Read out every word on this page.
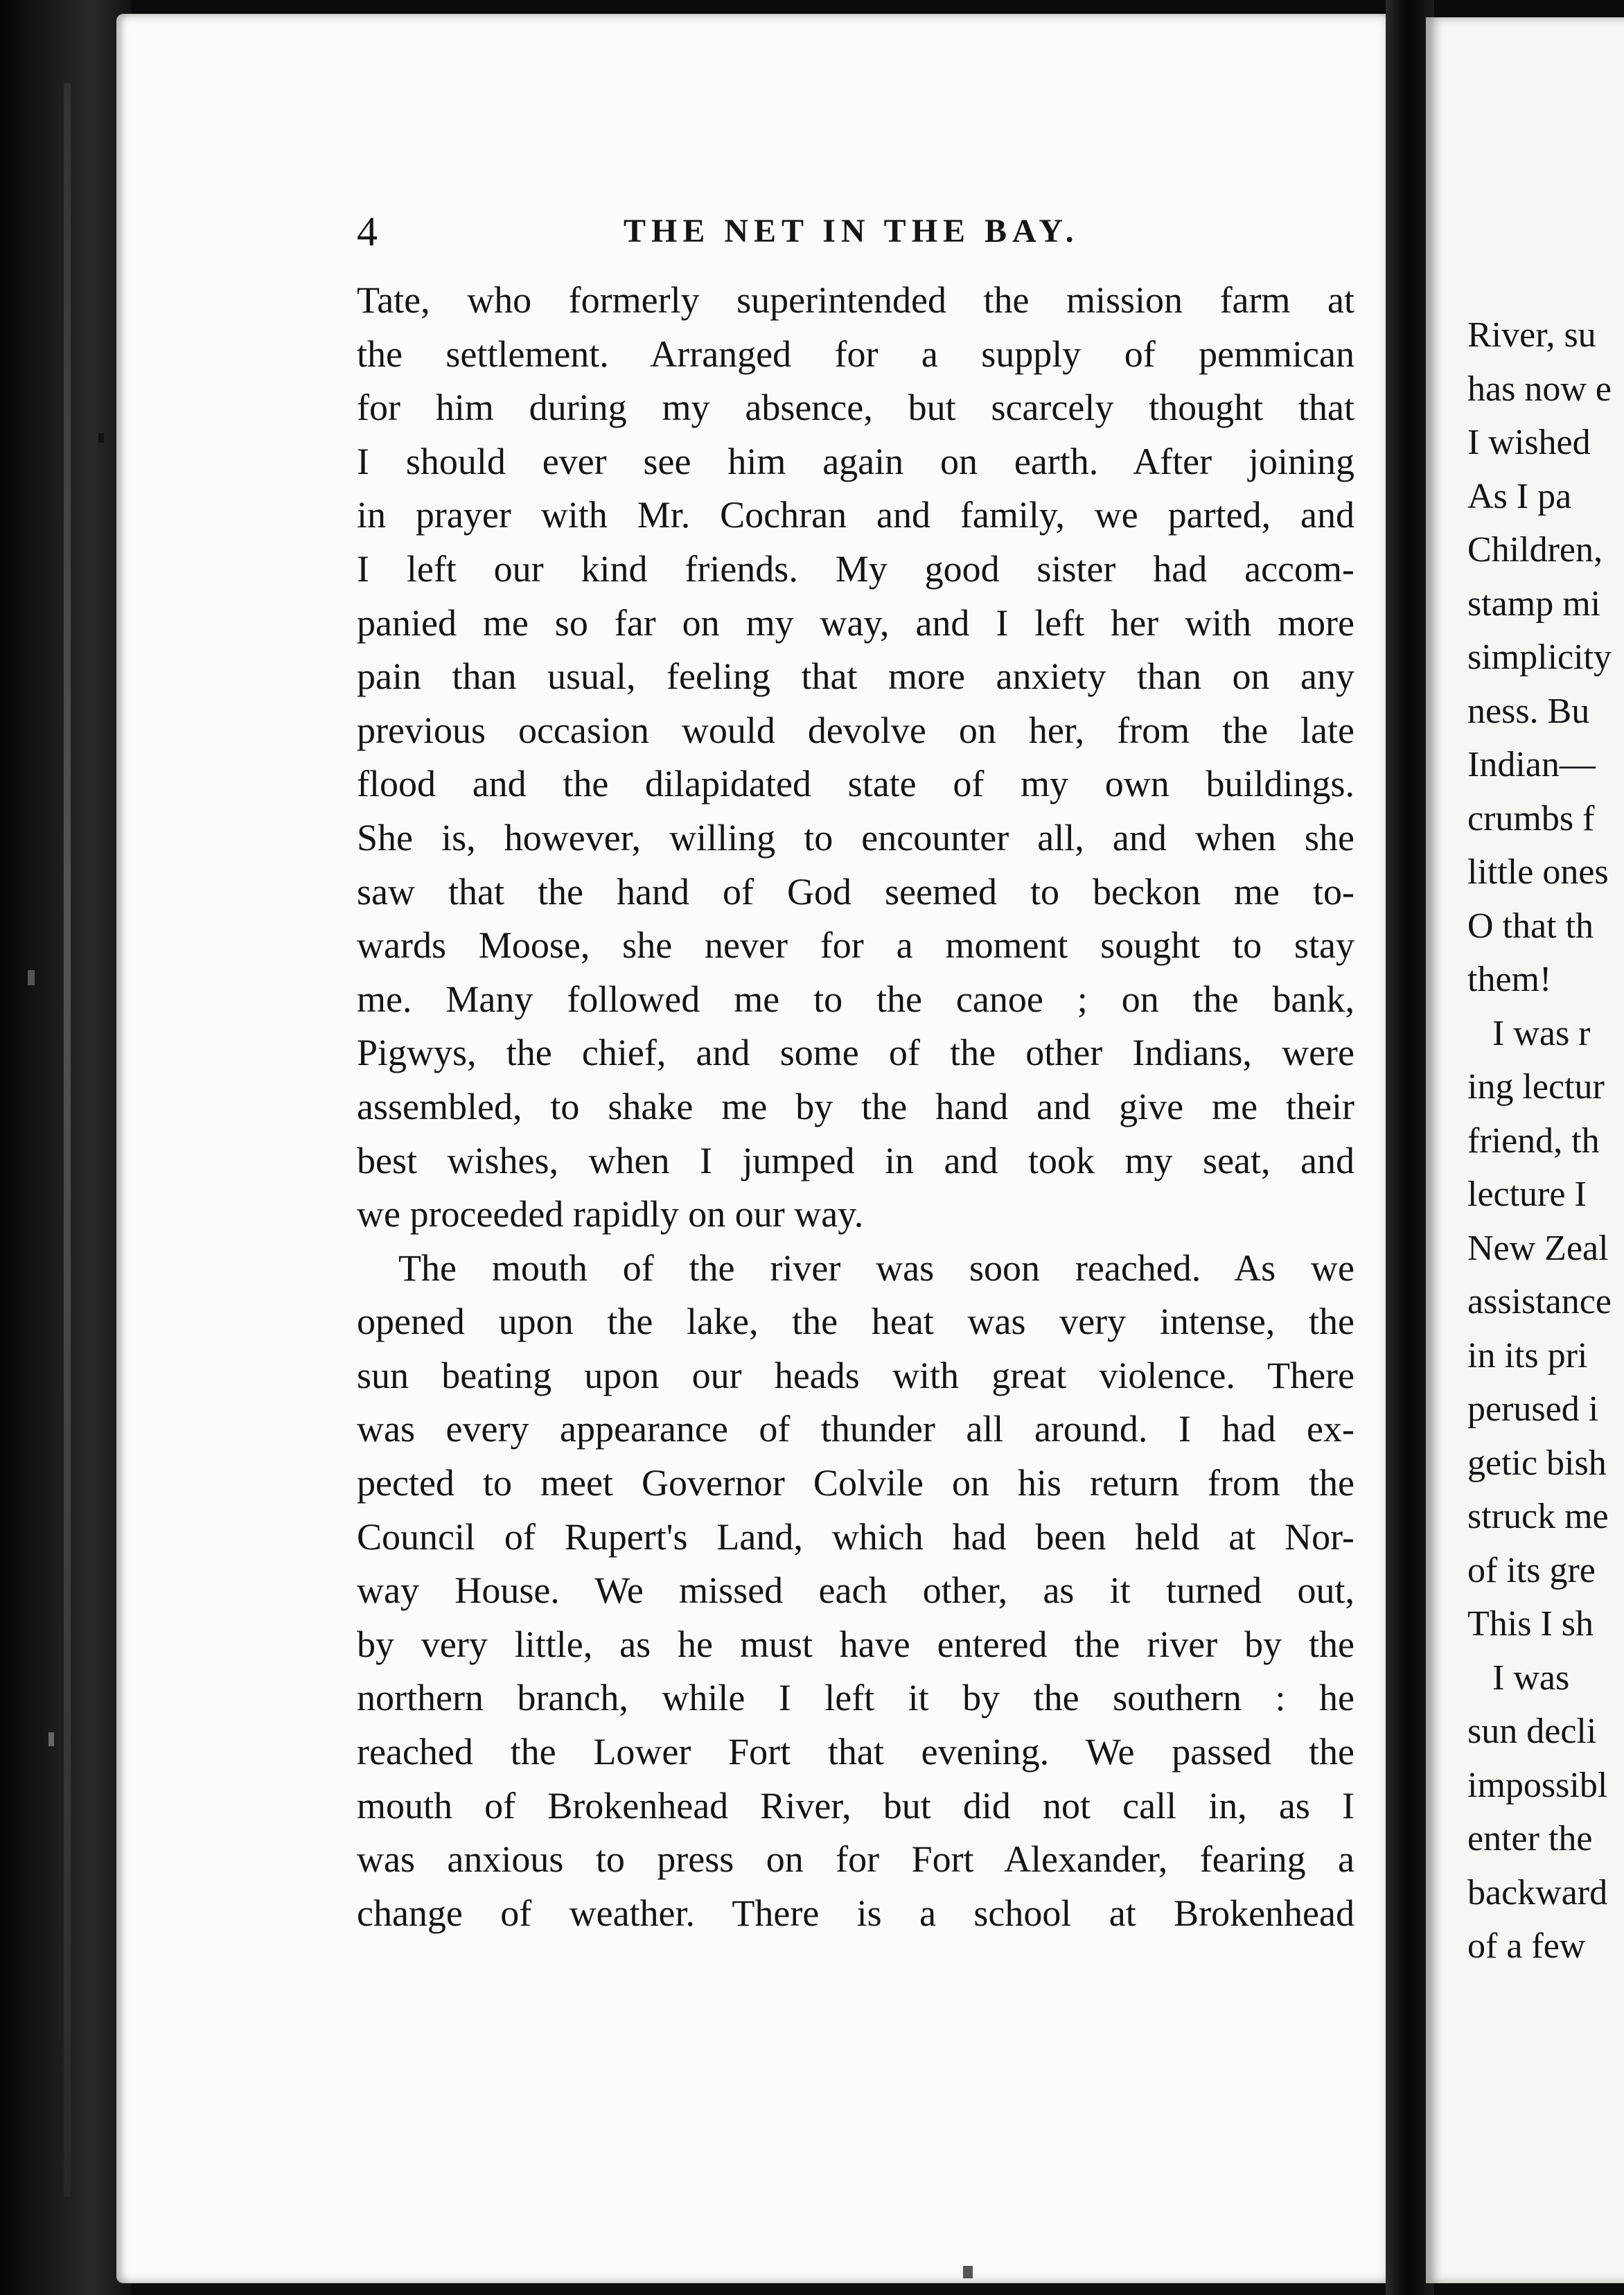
4	THE NET IN THE BAY.
Tate, who formerly superintended the mission farm at
the settlement. Arranged for a supply of pemmican
for him during my absence, but scarcely thought that
I should ever see him again on earth. After joining
in prayer with Mr. Cochran and family, we parted, and
I left our kind friends. My good sister had accom-
panied me so far on my way, and I left her with more
pain than usual, feeling that more anxiety than on any
previous occasion would devolve on her, from the late
flood and the dilapidated state of my own buildings.
She is, however, willing to encounter all, and when she
saw that the hand of God seemed to beckon me to-
wards Moose, she never for a moment sought to stay
me. Many followed me to the canoe ; on the bank,
Pigwys, the chief, and some of the other Indians, were
assembled, to shake me by the hand and give me their
best wishes, when I jumped in and took my seat, and
we proceeded rapidly on our way.
The mouth of the river was soon reached. As we
opened upon the lake, the heat was very intense, the
sun beating upon our heads with great violence. There
was every appearance of thunder all around. I had ex-
pected to meet Governor Colvile on his return from the
Council of Rupert's Land, which had been held at Nor-
way House. We missed each other, as it turned out,
by very little, as he must have entered the river by the
northern branch, while I left it by the southern : he
reached the Lower Fort that evening. We passed the
mouth of Brokenhead River, but did not call in, as I
was anxious to press on for Fort Alexander, fearing a
change of weather. There is a school at Brokenhead
River, su
has now e
I wished
As I pa
Children,
stamp mi
simplicity
ness. Bu
Indian—
crumbs f
little ones
O that th
them!
I was r
ing lectur
friend, th
lecture I
New Zeal
assistance
in its pri
perused i
getic bish
struck me
of its gre
This I sh
I was
sun decli
impossibl
enter the
backward
of a few
